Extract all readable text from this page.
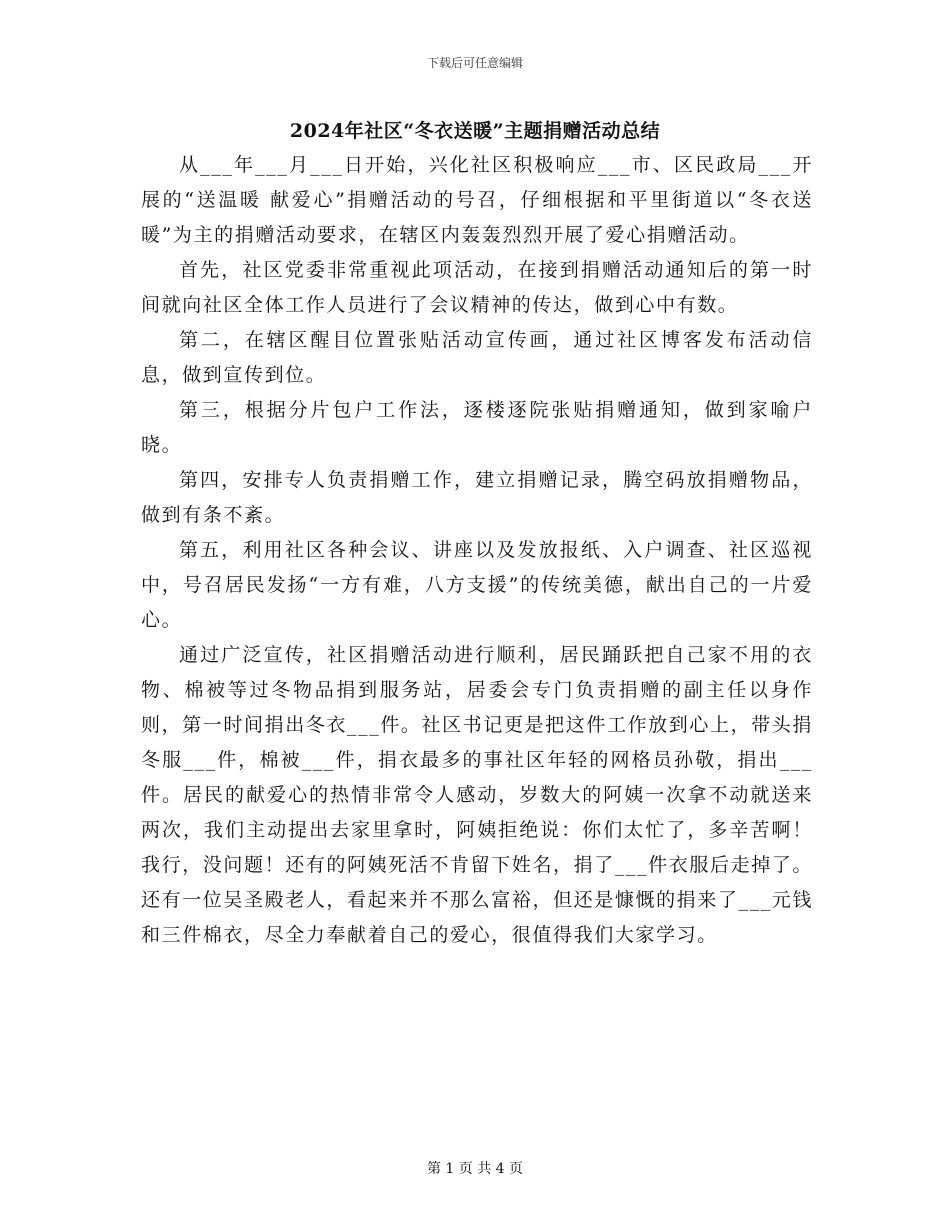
下载后可任意编辑
2024年社区“冬衣送暖”主题捐赠活动总结

从___年___月___日开始，兴化社区积极响应___市、区民政局___开展的“送温暖 献爱心”捐赠活动的号召，仔细根据和平里街道以“冬衣送暖”为主的捐赠活动要求，在辖区内轰轰烈烈开展了爱心捐赠活动。

首先，社区党委非常重视此项活动，在接到捐赠活动通知后的第一时间就向社区全体工作人员进行了会议精神的传达，做到心中有数。

第二，在辖区醒目位置张贴活动宣传画，通过社区博客发布活动信息，做到宣传到位。

第三，根据分片包户工作法，逐楼逐院张贴捐赠通知，做到家喻户晓。

第四，安排专人负责捐赠工作，建立捐赠记录，腾空码放捐赠物品，做到有条不紊。

第五，利用社区各种会议、讲座以及发放报纸、入户调查、社区巡视中，号召居民发扬“一方有难，八方支援”的传统美德，献出自己的一片爱心。

通过广泛宣传，社区捐赠活动进行顺利，居民踊跃把自己家不用的衣物、棉被等过冬物品捐到服务站，居委会专门负责捐赠的副主任以身作则，第一时间捐出冬衣___件。社区书记更是把这件工作放到心上，带头捐冬服___件，棉被___件，捐衣最多的事社区年轻的网格员孙敬，捐出___件。居民的献爱心的热情非常令人感动，岁数大的阿姨一次拿不动就送来两次，我们主动提出去家里拿时，阿姨拒绝说：你们太忙了，多辛苦啊！我行，没问题！还有的阿姨死活不肯留下姓名，捐了___件衣服后走掉了。还有一位吴圣殿老人，看起来并不那么富裕，但还是慷慨的捐来了___元钱和三件棉衣，尽全力奉献着自己的爱心，很值得我们大家学习。

第 1 页 共 4 页
